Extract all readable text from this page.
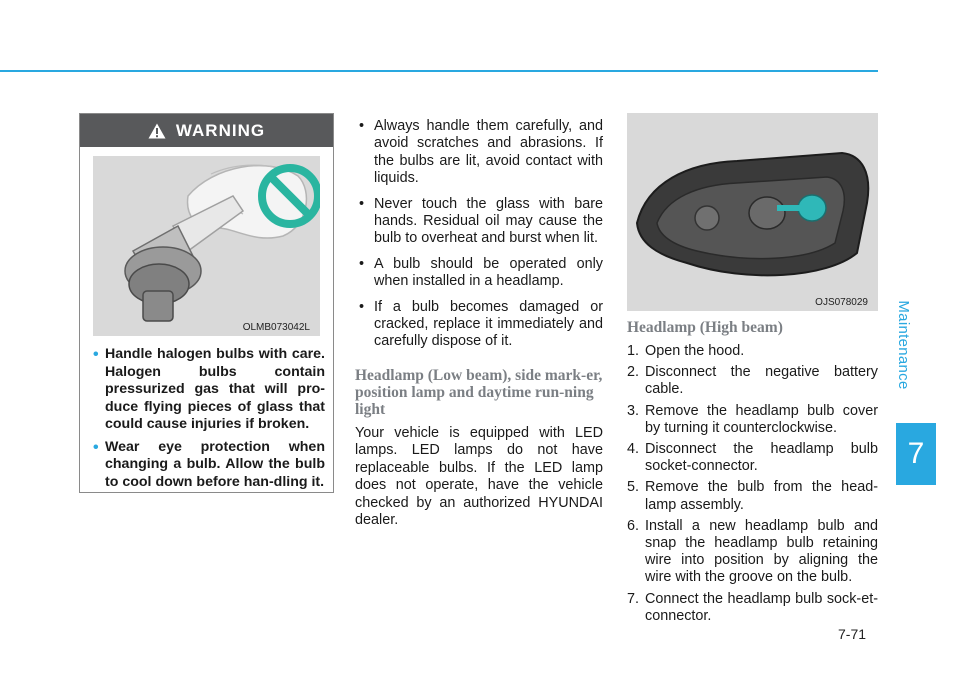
Maintenance
7
WARNING
OLMB073042L
• Handle halogen bulbs with care. Halogen bulbs contain pressurized gas that will pro-duce flying pieces of glass that could cause injuries if broken.
• Wear eye protection when changing a bulb. Allow the bulb to cool down before han-dling it.
• Always handle them carefully, and avoid scratches and abrasions. If the bulbs are lit, avoid contact with liquids.
• Never touch the glass with bare hands. Residual oil may cause the bulb to overheat and burst when lit.
• A bulb should be operated only when installed in a headlamp.
• If a bulb becomes damaged or cracked, replace it immediately and carefully dispose of it.
Headlamp (Low beam), side mark-er, position lamp and daytime run-ning light

Your vehicle is equipped with LED lamps. LED lamps do not have replaceable bulbs. If the LED lamp does not operate, have the vehicle checked by an authorized HYUNDAI dealer.

OJS078029
Headlamp (High beam)
1. Open the hood.
2. Disconnect the negative battery cable.
3. Remove the headlamp bulb cover by turning it counterclockwise.
4. Disconnect the headlamp bulb socket-connector.
5. Remove the bulb from the head-lamp assembly.
6. Install a new headlamp bulb and snap the headlamp bulb retaining wire into position by aligning the wire with the groove on the bulb.
7. Connect the headlamp bulb sock-et-connector.
7-71
